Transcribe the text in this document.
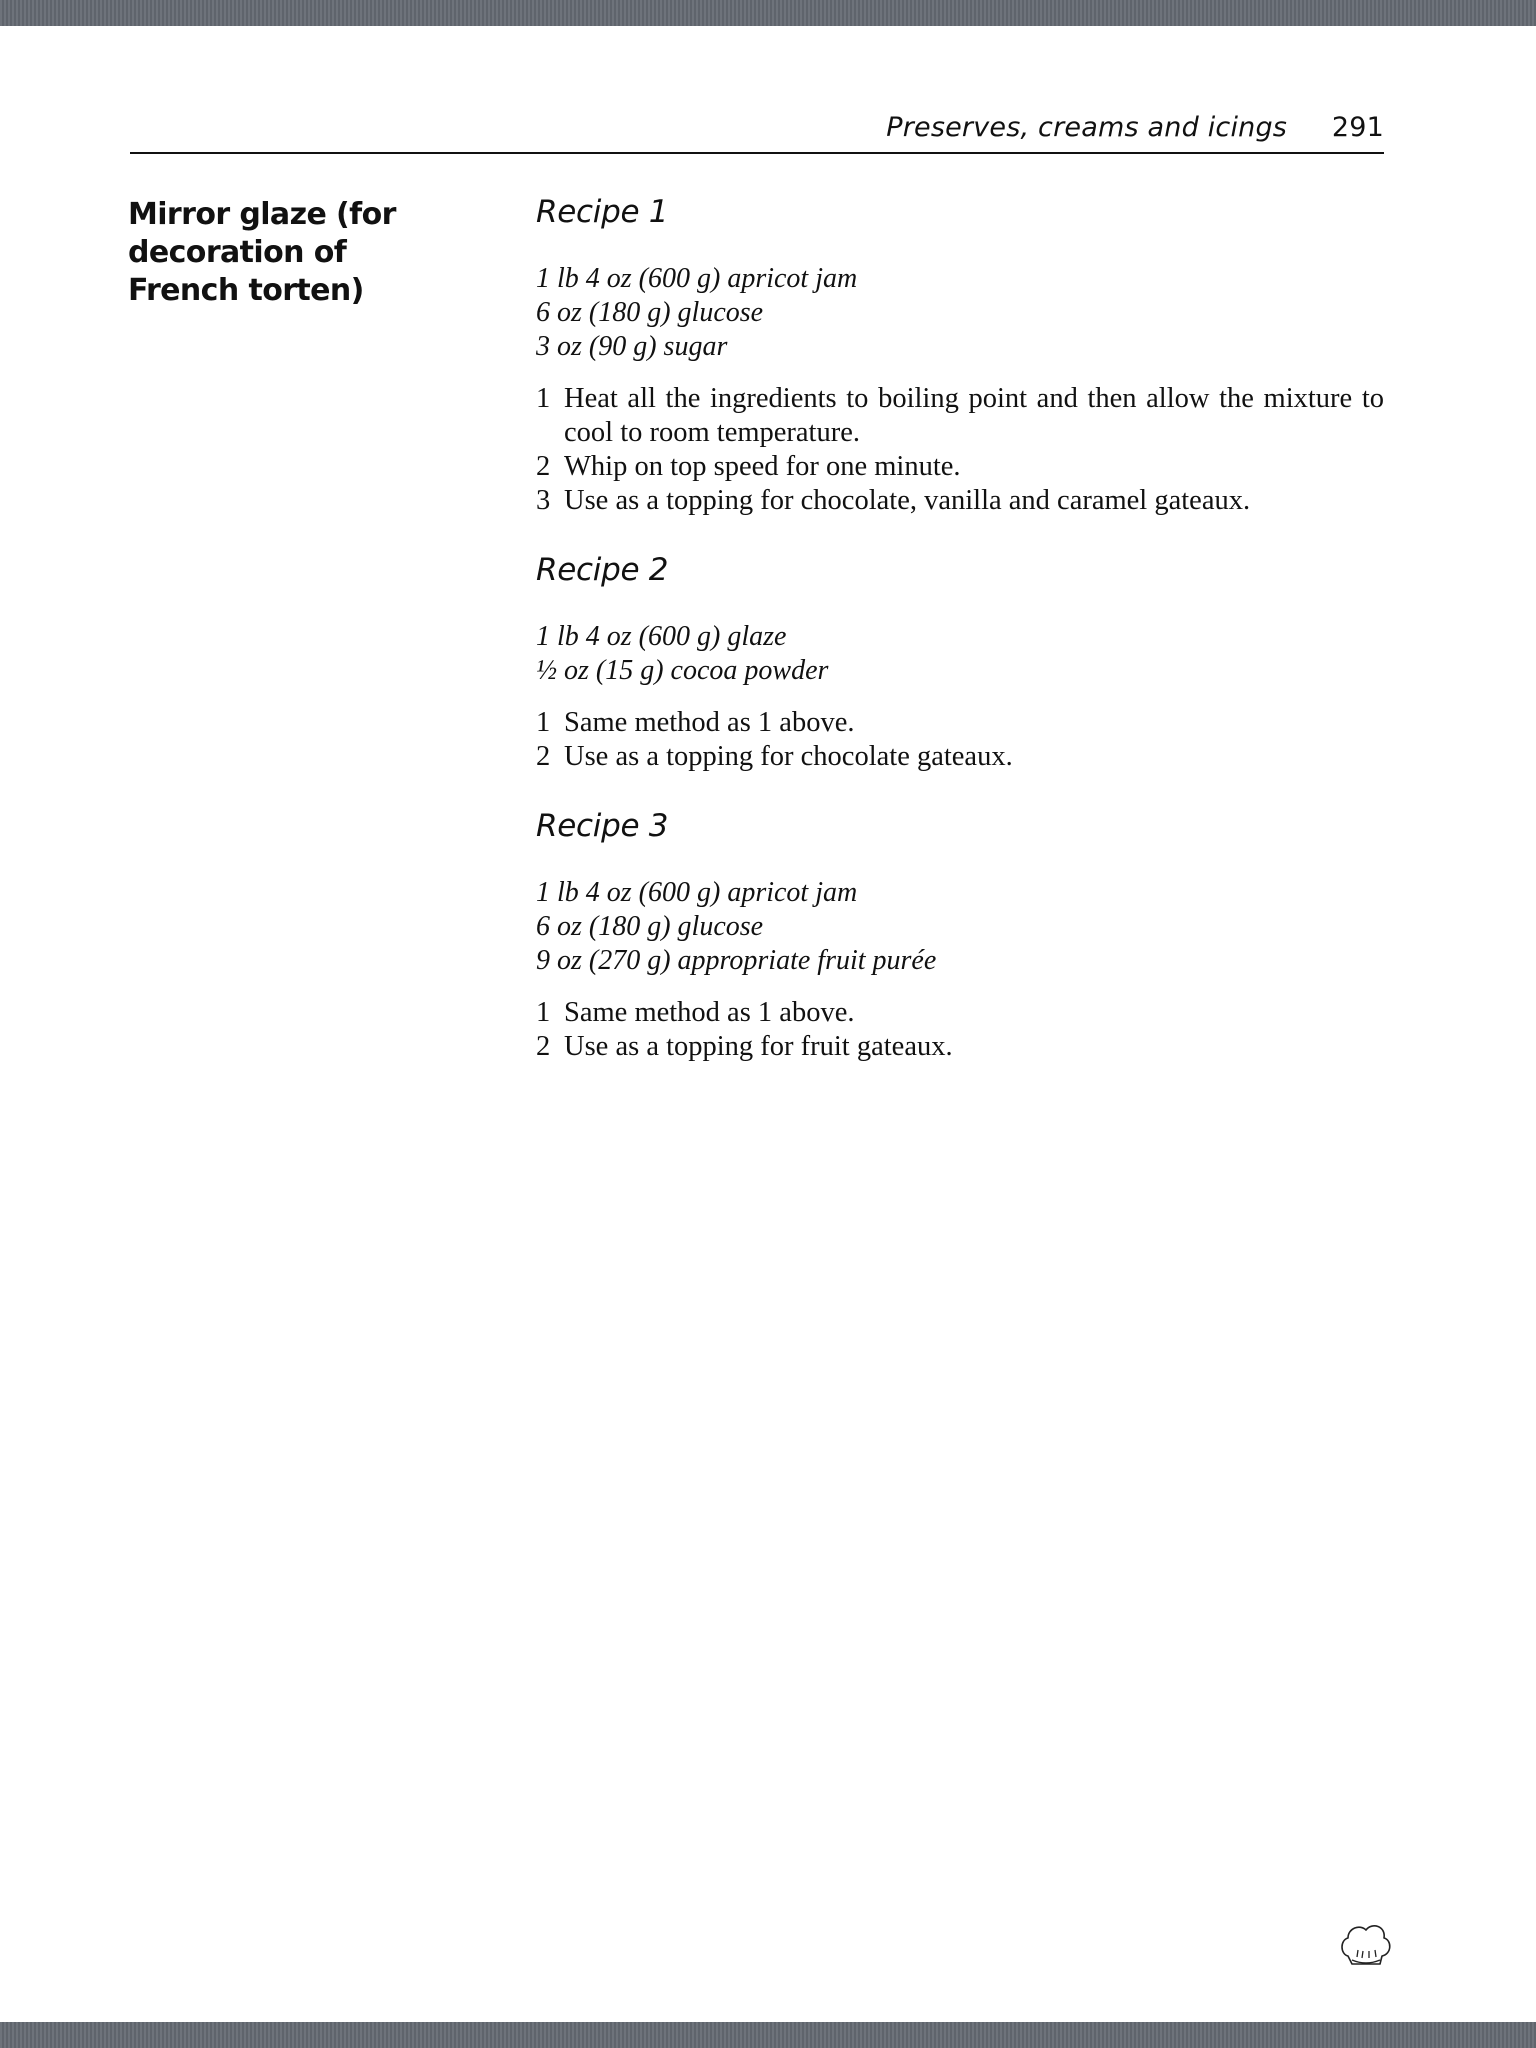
Preserves, creams and icings 291
Mirror glaze (for decoration of French torten)
Recipe 1
1 lb 4 oz (600 g) apricot jam
6 oz (180 g) glucose
3 oz (90 g) sugar
1 Heat all the ingredients to boiling point and then allow the mixture to cool to room temperature.
2 Whip on top speed for one minute.
3 Use as a topping for chocolate, vanilla and caramel gateaux.
Recipe 2
1 lb 4 oz (600 g) glaze
½ oz (15 g) cocoa powder
1 Same method as 1 above.
2 Use as a topping for chocolate gateaux.
Recipe 3
1 lb 4 oz (600 g) apricot jam
6 oz (180 g) glucose
9 oz (270 g) appropriate fruit purée
1 Same method as 1 above.
2 Use as a topping for fruit gateaux.
